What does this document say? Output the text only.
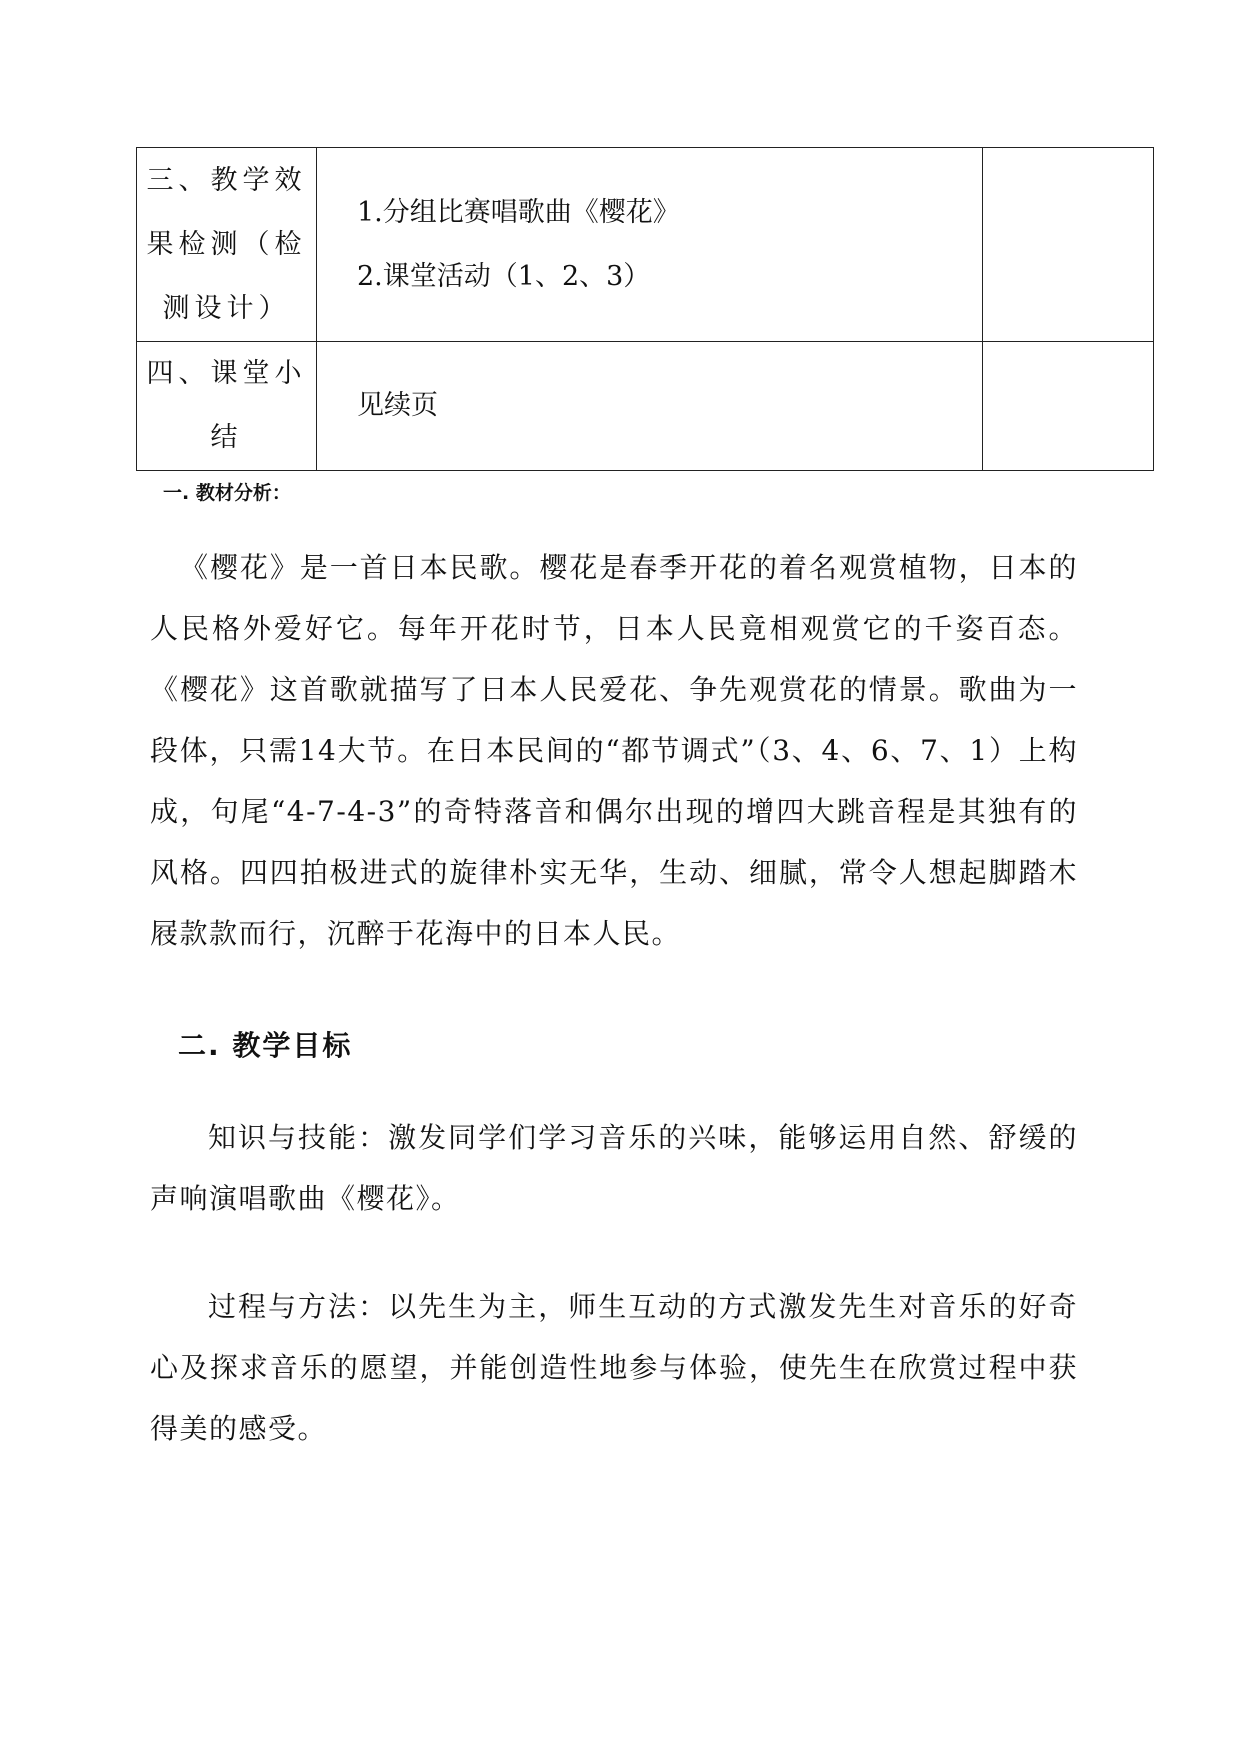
三、教学效果检测（检测设计）	1.分组比赛唱歌曲《樱花》
2.课堂活动（1、2、3）	

四、课堂小结	见续页	

一. 教材分析：
《樱花》是一首日本民歌。樱花是春季开花的着名观赏植物，日本的人民格外爱好它。每年开花时节，日本人民竟相观赏它的千姿百态。《樱花》这首歌就描写了日本人民爱花、争先观赏花的情景。歌曲为一段体，只需14大节。在日本民间的“都节调式”（3、4、6、7、1）上构成，句尾“4-7-4-3”的奇特落音和偶尔出现的增四大跳音程是其独有的风格。四四拍极进式的旋律朴实无华，生动、细腻，常令人想起脚踏木屐款款而行，沉醉于花海中的日本人民。
二. 教学目标
知识与技能：激发同学们学习音乐的兴味，能够运用自然、舒缓的声响演唱歌曲《樱花》。
过程与方法：以先生为主，师生互动的方式激发先生对音乐的好奇心及探求音乐的愿望，并能创造性地参与体验，使先生在欣赏过程中获得美的感受。
